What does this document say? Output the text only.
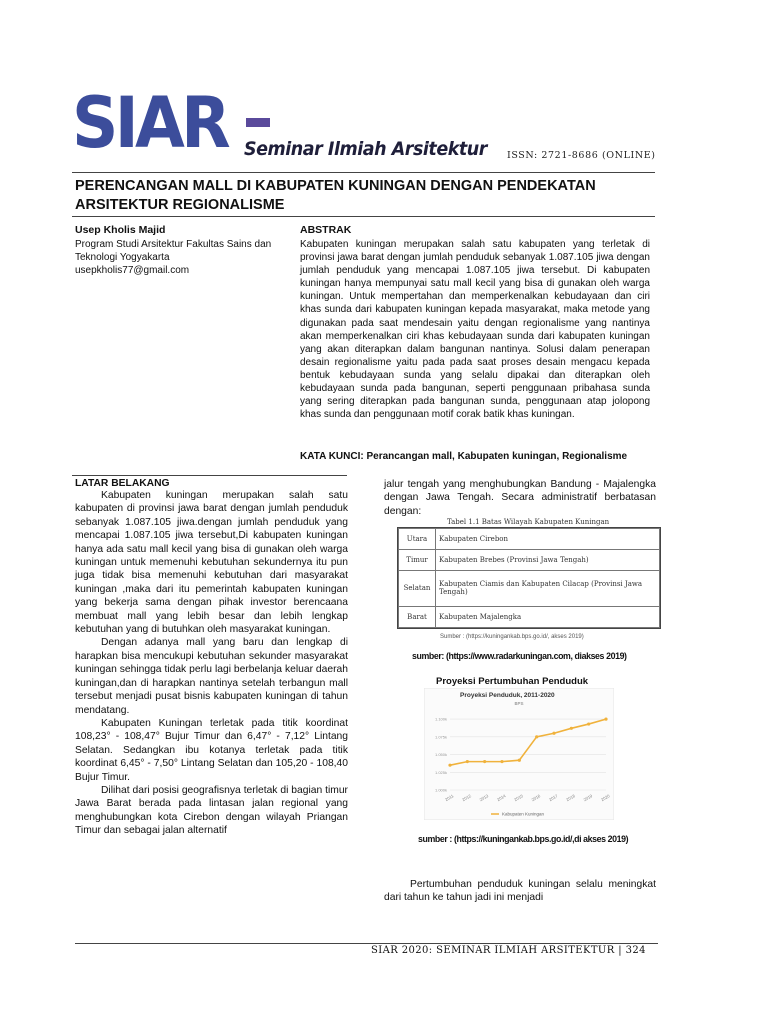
SIAR Seminar Ilmiah Arsitektur ISSN: 2721-8686 (ONLINE)
PERENCANGAN MALL DI KABUPATEN KUNINGAN DENGAN PENDEKATAN ARSITEKTUR REGIONALISME
Usep Kholis Majid
Program Studi Arsitektur Fakultas Sains dan Teknologi Yogyakarta
usepkholis77@gmail.com
ABSTRAK
Kabupaten kuningan merupakan salah satu kabupaten yang terletak di provinsi jawa barat dengan jumlah penduduk sebanyak 1.087.105 jiwa dengan jumlah penduduk yang mencapai 1.087.105 jiwa tersebut. Di kabupaten kuningan hanya mempunyai satu mall kecil yang bisa di gunakan oleh warga kuningan. Untuk mempertahan dan memperkenalkan kebudayaan dan ciri khas sunda dari kabupaten kuningan kepada masyarakat, maka metode yang digunakan pada saat mendesain yaitu dengan regionalisme yang nantinya akan memperkenalkan ciri khas kebudayaan sunda dari kabupaten kuningan yang akan diterapkan dalam bangunan nantinya. Solusi dalam penerapan desain regionalisme yaitu pada pada saat proses desain mengacu kepada bentuk kebudayaan sunda yang selalu dipakai dan diterapkan oleh kebudayaan sunda pada bangunan, seperti penggunaan pribahasa sunda yang sering diterapkan pada bangunan sunda, penggunaan atap jolopong khas sunda dan penggunaan motif corak batik khas kuningan.
KATA KUNCI: Perancangan mall, Kabupaten kuningan, Regionalisme
LATAR BELAKANG

Kabupaten kuningan merupakan salah satu kabupaten di provinsi jawa barat dengan jumlah penduduk sebanyak 1.087.105 jiwa.dengan jumlah penduduk yang mencapai 1.087.105 jiwa tersebut,Di kabupaten kuningan hanya ada satu mall kecil yang bisa di gunakan oleh warga kuningan untuk memenuhi kebutuhan sekundernya itu pun juga tidak bisa memenuhi kebutuhan dari masyarakat kuningan ,maka dari itu pemerintah kabupaten kuningan yang bekerja sama dengan pihak investor berencaana membuat mall yang lebih besar dan lebih lengkap kebutuhan yang di butuhkan oleh masyarakat kuningan.

Dengan adanya mall yang baru dan lengkap di harapkan bisa mencukupi kebutuhan sekunder masyarakat kuningan sehingga tidak perlu lagi berbelanja keluar daerah kuningan,dan di harapkan nantinya setelah terbangun mall tersebut menjadi pusat bisnis kabupaten kuningan di tahun mendatang.

Kabupaten Kuningan terletak pada titik koordinat 108,23° - 108,47° Bujur Timur dan 6,47° - 7,12° Lintang Selatan. Sedangkan ibu kotanya terletak pada titik koordinat 6,45° - 7,50° Lintang Selatan dan 105,20 - 108,40 Bujur Timur.

Dilihat dari posisi geografisnya terletak di bagian timur Jawa Barat berada pada lintasan jalan regional yang menghubungkan kota Cirebon dengan wilayah Priangan Timur dan sebagai jalan alternatif

jalur tengah yang menghubungkan Bandung - Majalengka dengan Jawa Tengah. Secara administratif berbatasan dengan:

Tabel 1.1 Batas Wilayah Kabupaten Kuningan
Utara	Kabupaten Cirebon
Timur	Kabupaten Brebes (Provinsi Jawa Tengah)
Selatan	Kabupaten Ciamis dan Kabupaten Cilacap (Provinsi Jawa Tengah)
Barat	Kabupaten Majalengka
Sumber : (https://kuningankab.bps.go.id/, akses 2019)
sumber: (https://www.radarkuningan.com, diakses 2019)
Proyeksi Pertumbuhan Penduduk
Proyeksi Penduduk, 2011-2020
BPS
1.000k
1.025k
1.050k
1.075k
1.100k
2011 2012 2013 2014 2015 2016 2017 2018 2019 2020
Kabupaten Kuningan
sumber : (https://kuningankab.bps.go.id/,di akses 2019)

Pertumbuhan penduduk kuningan selalu meningkat dari tahun ke tahun jadi ini menjadi

SIAR 2020: SEMINAR ILMIAH ARSITEKTUR | 324
